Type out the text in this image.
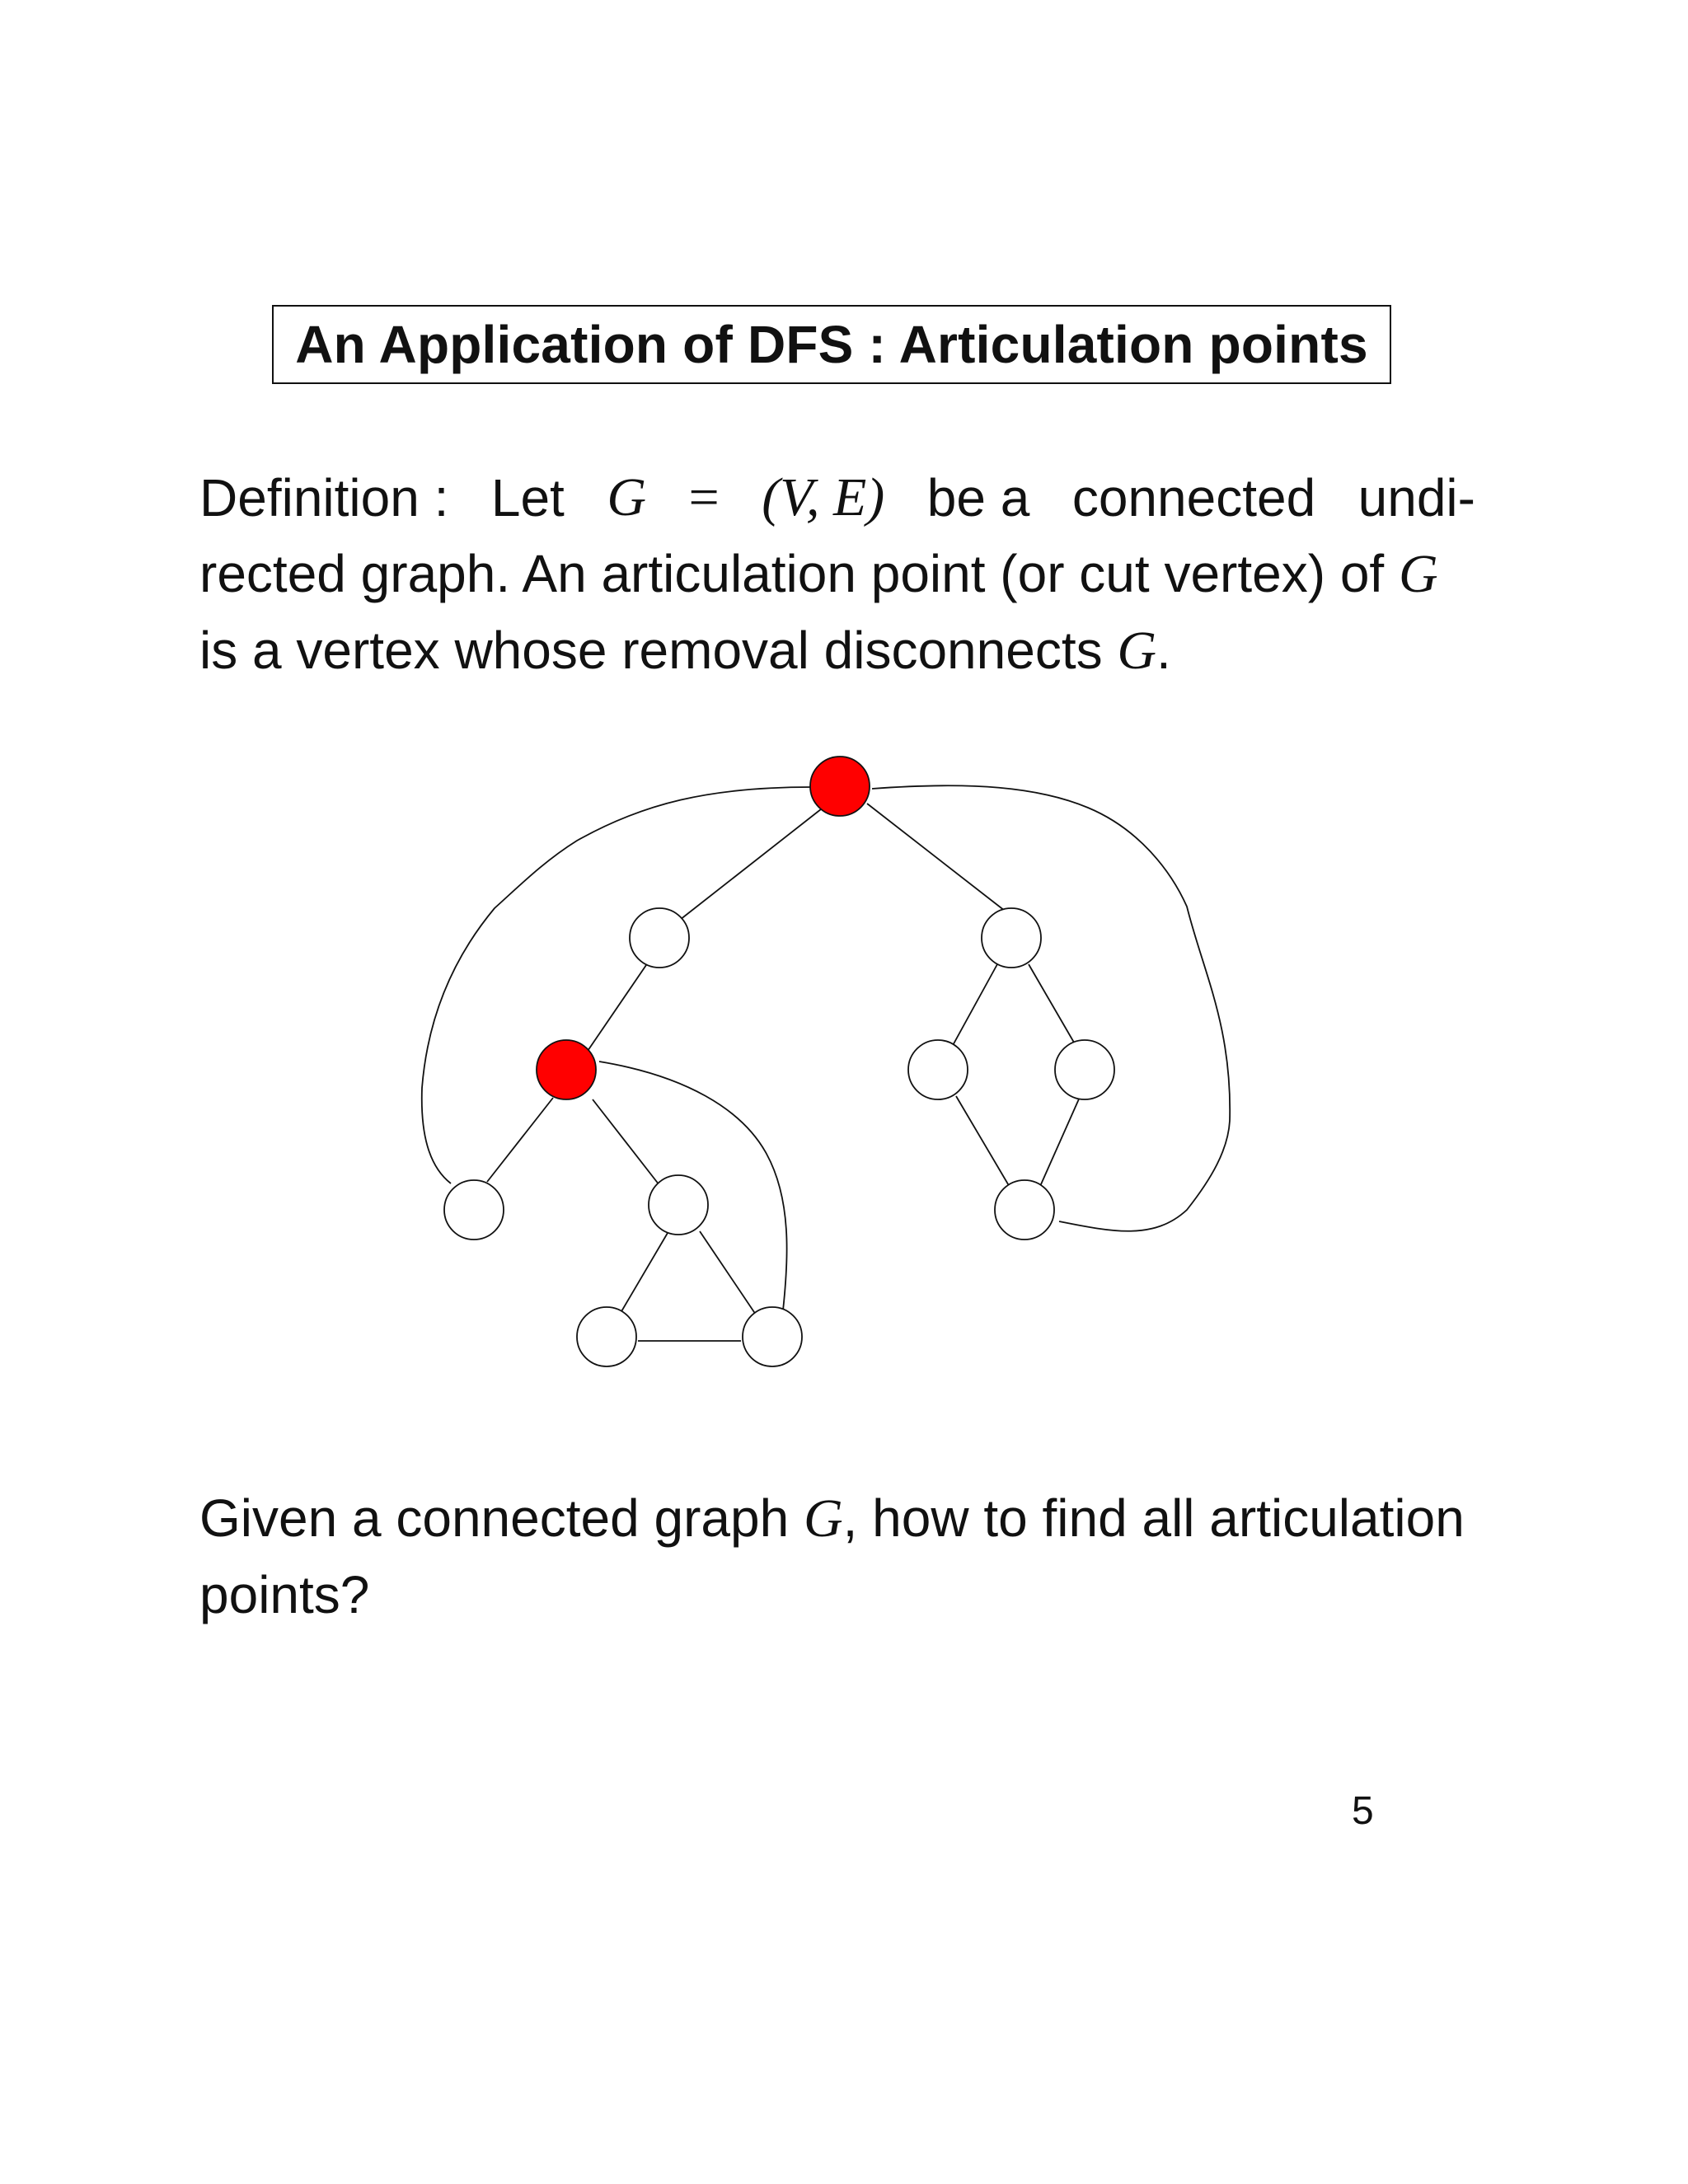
An Application of DFS : Articulation points
Definition : Let G = (V, E) be a connected undi-
rected graph. An articulation point (or cut vertex) of G
is a vertex whose removal disconnects G.
Given a connected graph G, how to find all articulation
points?
5
